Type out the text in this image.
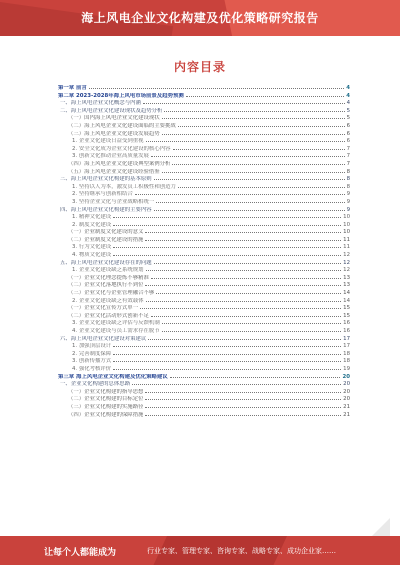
海上风电企业文化构建及优化策略研究报告
内容目录
第一章 前言	4
第二章 2023-2028年海上风电市场前景及趋势预测	4
一、海上风电企业文化概念与内涵	4
二、海上风电企业文化建设现状及趋势分析	5
（一）国内海上风电企业文化建设现状	5
（二）海上风电企业文化建设面临的主要挑战	6
（三）海上风电企业文化建设发展趋势	6
1. 企业文化建设日益受到重视	6
2. 安全文化成为企业文化建设的核心内容	7
3. 创新文化推动企业高质量发展	7
（四）海上风电企业文化建设典型案例分析	7
（五）海上风电企业文化建设经验借鉴	8
三、海上风电企业文化构建的基本原则	8
1. 坚持以人为本，激发员工积极性和创造力	8
2. 坚持继承与创新相结合	9
3. 坚持企业文化与企业战略相统一	9
四、海上风电企业文化构建的主要内容	9
1. 精神文化建设	10
2. 制度文化建设	10
（一）企业制度文化建设的意义	10
（二）企业制度文化建设的措施	11
3. 行为文化建设	11
4. 物质文化建设	12
五、海上风电企业文化建设存在的问题	12
1. 企业文化建设缺乏系统规划	12
（一）企业文化理念提炼不够精准	13
（二）企业文化落地执行不到位	13
（三）企业文化与企业管理融合不够	14
2. 企业文化建设缺乏有效载体	14
（一）企业文化宣传方式单一	15
（二）企业文化活动形式创新不足	15
3. 企业文化建设缺乏评估与反馈机制	16
4. 企业文化建设与员工需求存在脱节	16
六、海上风电企业文化建设对策建议	17
1. 加强顶层设计	17
2. 完善制度保障	18
3. 创新传播方式	18
4. 强化考核评价	19
第三章 海上风电企业文化构建及优化策略建议	20
一、企业文化构建的总体思路	20
（一）企业文化构建的指导思想	20
（二）企业文化构建的目标定位	20
（三）企业文化构建的实施路径	21
（四）企业文化构建的保障措施	21
让每个人都能成为	行业专家、管理专家、咨询专家、战略专家、成功企业家……
